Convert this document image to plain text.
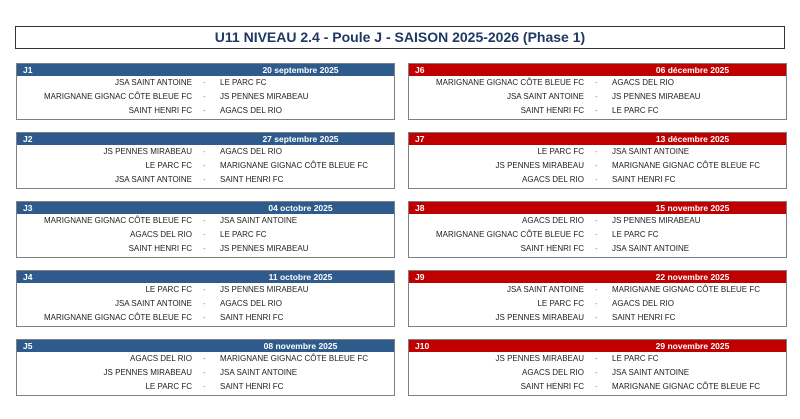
U11 NIVEAU 2.4 - Poule J - SAISON 2025-2026 (Phase 1)
J1	20 septembre 2025
JSA SAINT ANTOINE - LE PARC FC
MARIGNANE GIGNAC CÔTE BLEUE FC - JS PENNES MIRABEAU
SAINT HENRI FC - AGACS DEL RIO
J2	27 septembre 2025
JS PENNES MIRABEAU - AGACS DEL RIO
LE PARC FC - MARIGNANE GIGNAC CÔTE BLEUE FC
JSA SAINT ANTOINE - SAINT HENRI FC
J3	04 octobre 2025
MARIGNANE GIGNAC CÔTE BLEUE FC - JSA SAINT ANTOINE
AGACS DEL RIO - LE PARC FC
SAINT HENRI FC - JS PENNES MIRABEAU
J4	11 octobre 2025
LE PARC FC - JS PENNES MIRABEAU
JSA SAINT ANTOINE - AGACS DEL RIO
MARIGNANE GIGNAC CÔTE BLEUE FC - SAINT HENRI FC
J5	08 novembre 2025
AGACS DEL RIO - MARIGNANE GIGNAC CÔTE BLEUE FC
JS PENNES MIRABEAU - JSA SAINT ANTOINE
LE PARC FC - SAINT HENRI FC
J6	06 décembre 2025
MARIGNANE GIGNAC CÔTE BLEUE FC - AGACS DEL RIO
JSA SAINT ANTOINE - JS PENNES MIRABEAU
SAINT HENRI FC - LE PARC FC
J7	13 décembre 2025
LE PARC FC - JSA SAINT ANTOINE
JS PENNES MIRABEAU - MARIGNANE GIGNAC CÔTE BLEUE FC
AGACS DEL RIO - SAINT HENRI FC
J8	15 novembre 2025
AGACS DEL RIO - JS PENNES MIRABEAU
MARIGNANE GIGNAC CÔTE BLEUE FC - LE PARC FC
SAINT HENRI FC - JSA SAINT ANTOINE
J9	22 novembre 2025
JSA SAINT ANTOINE - MARIGNANE GIGNAC CÔTE BLEUE FC
LE PARC FC - AGACS DEL RIO
JS PENNES MIRABEAU - SAINT HENRI FC
J10	29 novembre 2025
JS PENNES MIRABEAU - LE PARC FC
AGACS DEL RIO - JSA SAINT ANTOINE
SAINT HENRI FC - MARIGNANE GIGNAC CÔTE BLEUE FC
